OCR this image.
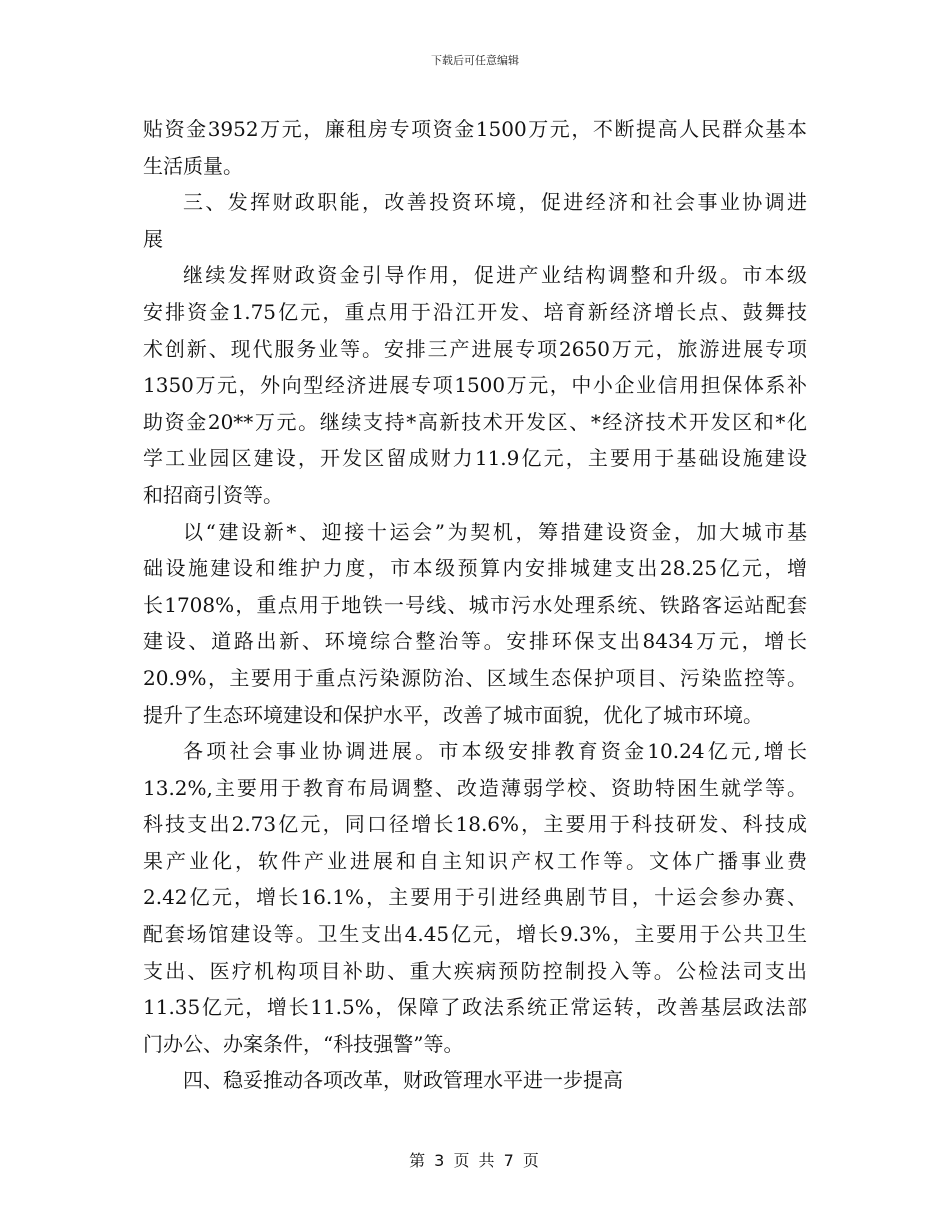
下载后可任意编辑
贴资金3952万元，廉租房专项资金1500万元，不断提高人民群众基本
生活质量。
三、发挥财政职能，改善投资环境，促进经济和社会事业协调进
展
继续发挥财政资金引导作用，促进产业结构调整和升级。市本级
安排资金1.75亿元，重点用于沿江开发、培育新经济增长点、鼓舞技
术创新、现代服务业等。安排三产进展专项2650万元，旅游进展专项
1350万元，外向型经济进展专项1500万元，中小企业信用担保体系补
助资金20**万元。继续支持*高新技术开发区、*经济技术开发区和*化
学工业园区建设，开发区留成财力11.9亿元，主要用于基础设施建设
和招商引资等。
以“建设新*、迎接十运会”为契机，筹措建设资金，加大城市基
础设施建设和维护力度，市本级预算内安排城建支出28.25亿元，增
长1708%，重点用于地铁一号线、城市污水处理系统、铁路客运站配套
建设、道路出新、环境综合整治等。安排环保支出8434万元，增长
20.9%，主要用于重点污染源防治、区域生态保护项目、污染监控等。
提升了生态环境建设和保护水平，改善了城市面貌，优化了城市环境。
各项社会事业协调进展。市本级安排教育资金10.24亿元,增长
13.2%,主要用于教育布局调整、改造薄弱学校、资助特困生就学等。
科技支出2.73亿元，同口径增长18.6%，主要用于科技研发、科技成
果产业化，软件产业进展和自主知识产权工作等。文体广播事业费
2.42亿元，增长16.1%，主要用于引进经典剧节目，十运会参办赛、
配套场馆建设等。卫生支出4.45亿元，增长9.3%，主要用于公共卫生
支出、医疗机构项目补助、重大疾病预防控制投入等。公检法司支出
11.35亿元，增长11.5%，保障了政法系统正常运转，改善基层政法部
门办公、办案条件，“科技强警”等。
四、稳妥推动各项改革，财政管理水平进一步提高
第 3 页 共 7 页
